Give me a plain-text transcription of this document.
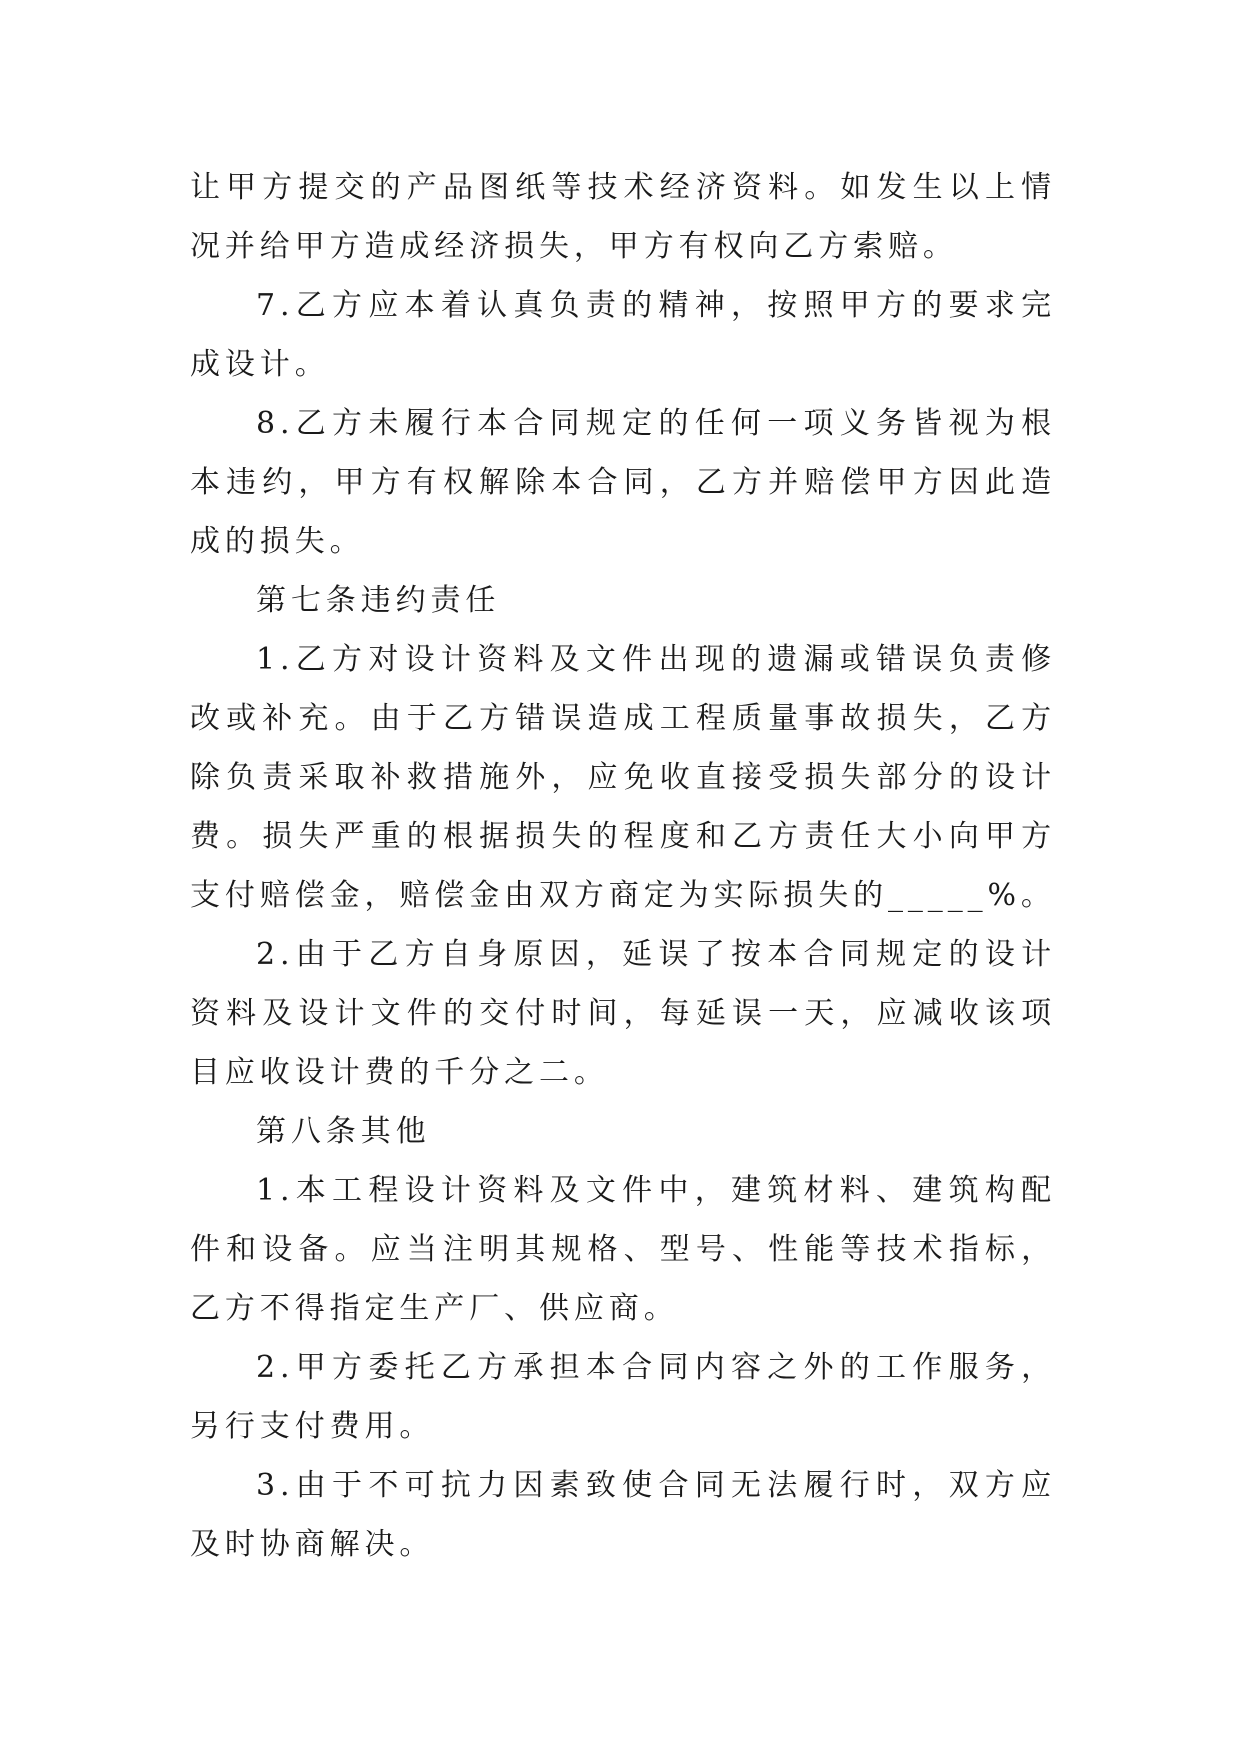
让甲方提交的产品图纸等技术经济资料。如发生以上情况并给甲方造成经济损失，甲方有权向乙方索赔。

7.乙方应本着认真负责的精神，按照甲方的要求完成设计。

8.乙方未履行本合同规定的任何一项义务皆视为根本违约，甲方有权解除本合同，乙方并赔偿甲方因此造成的损失。

第七条违约责任

1.乙方对设计资料及文件出现的遗漏或错误负责修改或补充。由于乙方错误造成工程质量事故损失，乙方除负责采取补救措施外，应免收直接受损失部分的设计费。损失严重的根据损失的程度和乙方责任大小向甲方支付赔偿金，赔偿金由双方商定为实际损失的_____%。

2.由于乙方自身原因，延误了按本合同规定的设计资料及设计文件的交付时间，每延误一天，应减收该项目应收设计费的千分之二。

第八条其他

1.本工程设计资料及文件中，建筑材料、建筑构配件和设备。应当注明其规格、型号、性能等技术指标，乙方不得指定生产厂、供应商。

2.甲方委托乙方承担本合同内容之外的工作服务，另行支付费用。

3.由于不可抗力因素致使合同无法履行时，双方应及时协商解决。
